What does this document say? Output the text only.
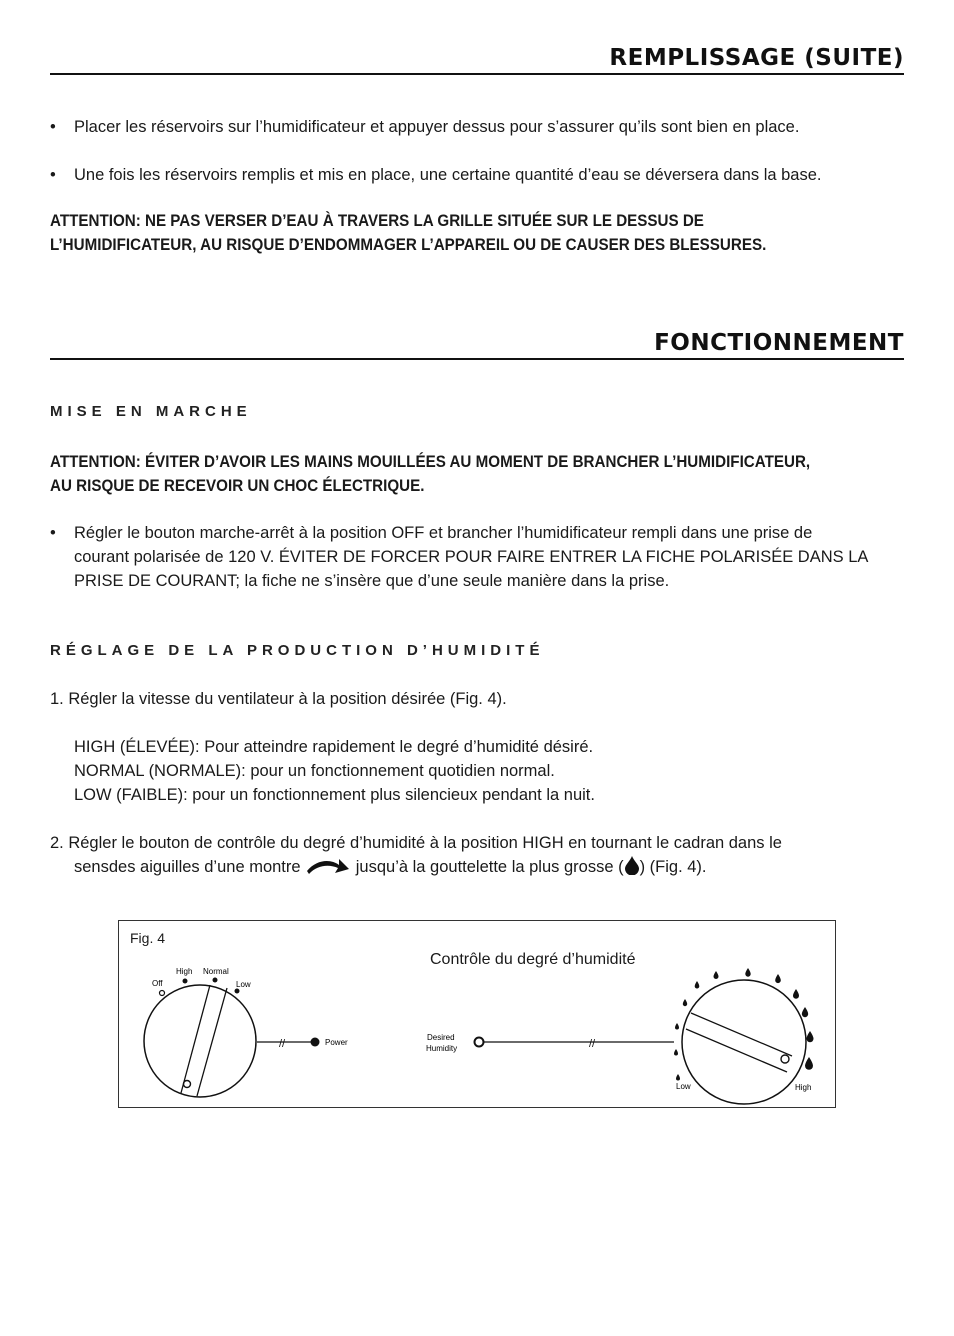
REMPLISSAGE (SUITE)
• Placer les réservoirs sur l’humidificateur et appuyer dessus pour s’assurer qu’ils sont bien en place.
• Une fois les réservoirs remplis et mis en place, une certaine quantité d’eau se déversera dans la base.
ATTENTION: NE PAS VERSER D’EAU À TRAVERS LA GRILLE SITUÉE SUR LE DESSUS DE
L’HUMIDIFICATEUR, AU RISQUE D’ENDOMMAGER L’APPAREIL OU DE CAUSER DES BLESSURES.
FONCTIONNEMENT
MISE EN MARCHE
ATTENTION: ÉVITER D’AVOIR LES MAINS MOUILLÉES AU MOMENT DE BRANCHER L’HUMIDIFICATEUR,
AU RISQUE DE RECEVOIR UN CHOC ÉLECTRIQUE.
• Régler le bouton marche-arrêt à la position OFF et brancher l’humidificateur rempli dans une prise de
courant polarisée de 120 V. ÉVITER DE FORCER POUR FAIRE ENTRER LA FICHE POLARISÉE DANS LA
PRISE DE COURANT; la fiche ne s’insère que d’une seule manière dans la prise.
RÉGLAGE DE LA PRODUCTION D’HUMIDITÉ
1. Régler la vitesse du ventilateur à la position désirée (Fig. 4).
HIGH (ÉLEVÉE): Pour atteindre rapidement le degré d’humidité désiré.
NORMAL (NORMALE): pour un fonctionnement quotidien normal.
LOW (FAIBLE): pour un fonctionnement plus silencieux pendant la nuit.
2. Régler le bouton de contrôle du degré d’humidité à la position HIGH en tournant le cadran dans le
sensdes aiguilles d’une montre	jusqu’à la gouttelette la plus grosse ( ) (Fig. 4).
Fig. 4
Contrôle du degré d’humidité
Off
High Normal
Low
//	Power
Desired
Humidity	//
Low	High
